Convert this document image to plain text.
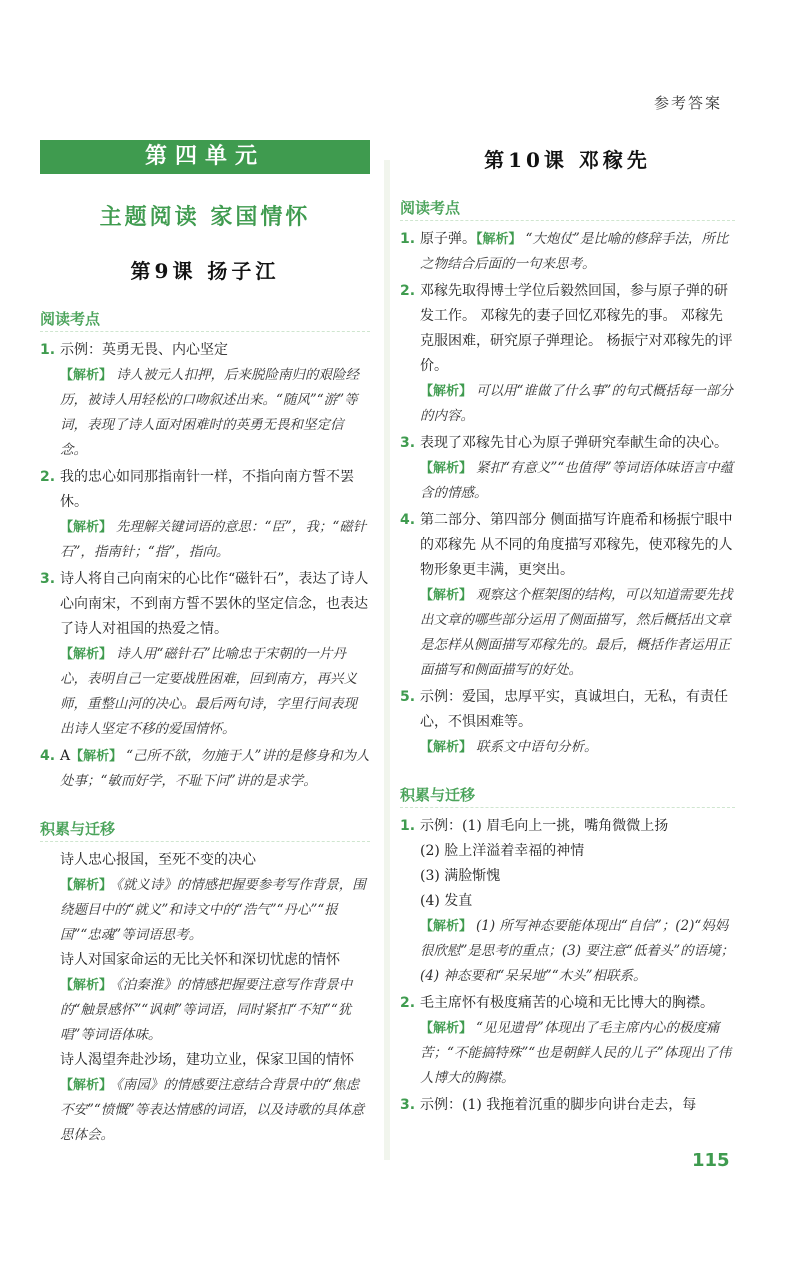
参考答案
第四单元
主题阅读 家国情怀
第9课 扬子江
阅读考点
1. 示例：英勇无畏、内心坚定
【解析】 诗人被元人扣押，后来脱险南归的艰险经历，被诗人用轻松的口吻叙述出来。“随风”“游”等词，表现了诗人面对困难时的英勇无畏和坚定信念。
2. 我的忠心如同那指南针一样，不指向南方誓不罢休。
【解析】 先理解关键词语的意思：“臣”，我；“磁针石”，指南针；“指”，指向。
3. 诗人将自己向南宋的心比作“磁针石”，表达了诗人心向南宋，不到南方誓不罢休的坚定信念，也表达了诗人对祖国的热爱之情。
【解析】 诗人用“磁针石”比喻忠于宋朝的一片丹心，表明自己一定要战胜困难，回到南方，再兴义师，重整山河的决心。最后两句诗，字里行间表现出诗人坚定不移的爱国情怀。
4. A【解析】 “己所不欲，勿施于人”讲的是修身和为人处事；“敏而好学，不耻下问”讲的是求学。
积累与迁移
诗人忠心报国，至死不变的决心
【解析】 《就义诗》的情感把握要参考写作背景，围绕题目中的“就义”和诗文中的“浩气”“丹心”“报国”“忠魂”等词语思考。
诗人对国家命运的无比关怀和深切忧虑的情怀
【解析】 《泊秦淮》的情感把握要注意写作背景中的“触景感怀”“讽刺”等词语，同时紧扣“不知”“犹唱”等词语体味。
诗人渴望奔赴沙场，建功立业，保家卫国的情怀
【解析】 《南园》的情感要注意结合背景中的“焦虑不安”“愤慨”等表达情感的词语，以及诗歌的具体意思体会。
第10课 邓稼先
阅读考点
1. 原子弹。【解析】 “大炮仗”是比喻的修辞手法，所比之物结合后面的一句来思考。
2. 邓稼先取得博士学位后毅然回国，参与原子弹的研发工作。 邓稼先的妻子回忆邓稼先的事。 邓稼先克服困难，研究原子弹理论。 杨振宁对邓稼先的评价。
【解析】 可以用“谁做了什么事”的句式概括每一部分的内容。
3. 表现了邓稼先甘心为原子弹研究奉献生命的决心。
【解析】 紧扣“有意义”“也值得”等词语体味语言中蕴含的情感。
4. 第二部分、第四部分 侧面描写许鹿希和杨振宁眼中的邓稼先 从不同的角度描写邓稼先，使邓稼先的人物形象更丰满，更突出。
【解析】 观察这个框架图的结构，可以知道需要先找出文章的哪些部分运用了侧面描写，然后概括出文章是怎样从侧面描写邓稼先的。最后，概括作者运用正面描写和侧面描写的好处。
5. 示例：爱国，忠厚平实，真诚坦白，无私，有责任心，不惧困难等。
【解析】 联系文中语句分析。
积累与迁移
1. 示例：(1) 眉毛向上一挑，嘴角微微上扬
(2) 脸上洋溢着幸福的神情
(3) 满脸惭愧
(4) 发直
【解析】 (1) 所写神态要能体现出“自信”；(2)“妈妈很欣慰”是思考的重点；(3) 要注意“低着头”的语境；(4) 神态要和“呆呆地”“木头”相联系。
2. 毛主席怀有极度痛苦的心境和无比博大的胸襟。
【解析】 “见见遗骨”体现出了毛主席内心的极度痛苦；“不能搞特殊”“也是朝鲜人民的儿子”体现出了伟人博大的胸襟。
3. 示例：(1) 我拖着沉重的脚步向讲台走去，每
115
